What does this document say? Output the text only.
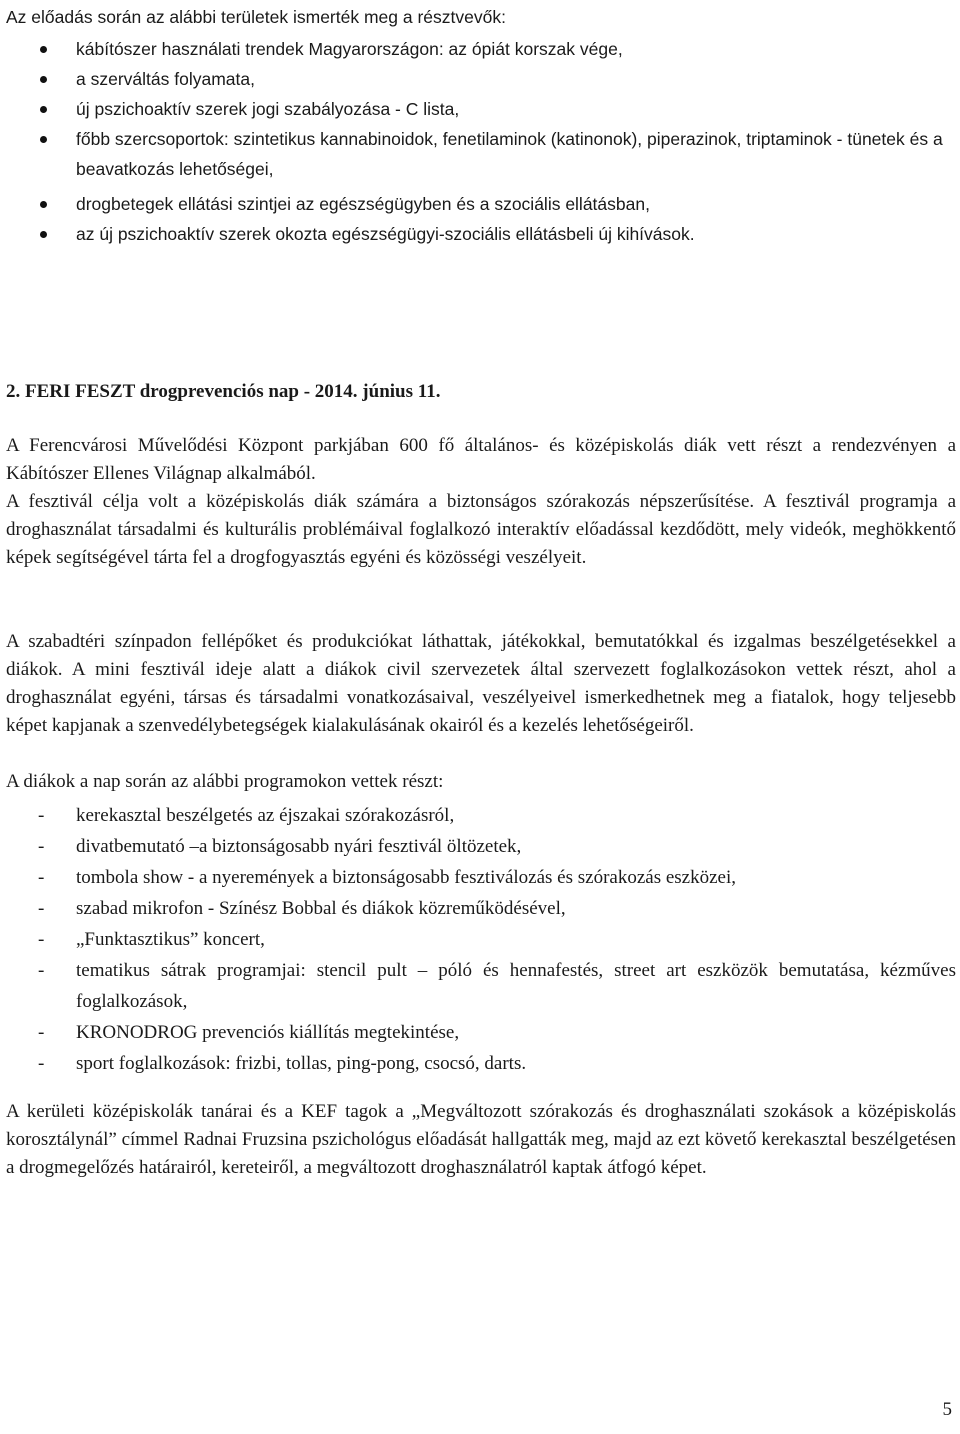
Az előadás során az alábbi területek ismerték meg a résztvevők:

kábítószer használati trendek Magyarországon: az ópiát korszak vége,
a szerváltás folyamata,
új pszichoaktív szerek jogi szabályozása - C lista,
főbb szercsoportok: szintetikus kannabinoidok, fenetilaminok (katinonok), piperazinok, triptaminok - tünetek és a beavatkozás lehetőségei,
drogbetegek ellátási szintjei az egészségügyben és a szociális ellátásban,
az új pszichoaktív szerek okozta egészségügyi-szociális ellátásbeli új kihívások.
2. FERI FESZT drogprevenciós nap - 2014. június 11.

A Ferencvárosi Művelődési Központ parkjában 600 fő általános- és középiskolás diák vett részt a rendezvényen a Kábítószer Ellenes Világnap alkalmából.

A fesztivál célja volt a középiskolás diák számára a biztonságos szórakozás népszerűsítése. A fesztivál programja a droghasználat társadalmi és kulturális problémáival foglalkozó interaktív előadással kezdődött, mely videók, meghökkentő képek segítségével tárta fel a drogfogyasztás egyéni és közösségi veszélyeit.

A szabadtéri színpadon fellépőket és produkciókat láthattak, játékokkal, bemutatókkal és izgalmas beszélgetésekkel a diákok. A mini fesztivál ideje alatt a diákok civil szervezetek által szervezett foglalkozásokon vettek részt, ahol a droghasználat egyéni, társas és társadalmi vonatkozásaival, veszélyeivel ismerkedhetnek meg a fiatalok, hogy teljesebb képet kapjanak a szenvedélybetegségek kialakulásának okairól és a kezelés lehetőségeiről.

A diákok a nap során az alábbi programokon vettek részt:

- kerekasztal beszélgetés az éjszakai szórakozásról,
- divatbemutató –a biztonságosabb nyári fesztivál öltözetek,
- tombola show - a nyeremények a biztonságosabb fesztiválozás és szórakozás eszközei,
- szabad mikrofon - Színész Bobbal és diákok közreműködésével,
- „Funktasztikus” koncert,
- tematikus sátrak programjai: stencil pult – póló és hennafestés, street art eszközök bemutatása, kézműves foglalkozások,
- KRONODROG prevenciós kiállítás megtekintése,
- sport foglalkozások: frizbi, tollas, ping-pong, csocsó, darts.

A kerületi középiskolák tanárai és a KEF tagok a „Megváltozott szórakozás és droghasználati szokások a középiskolás korosztálynál” címmel Radnai Fruzsina pszichológus előadását hallgatták meg, majd az ezt követő kerekasztal beszélgetésen a drogmegelőzés határairól, kereteiről, a megváltozott droghasználatról kaptak átfogó képet.

5
